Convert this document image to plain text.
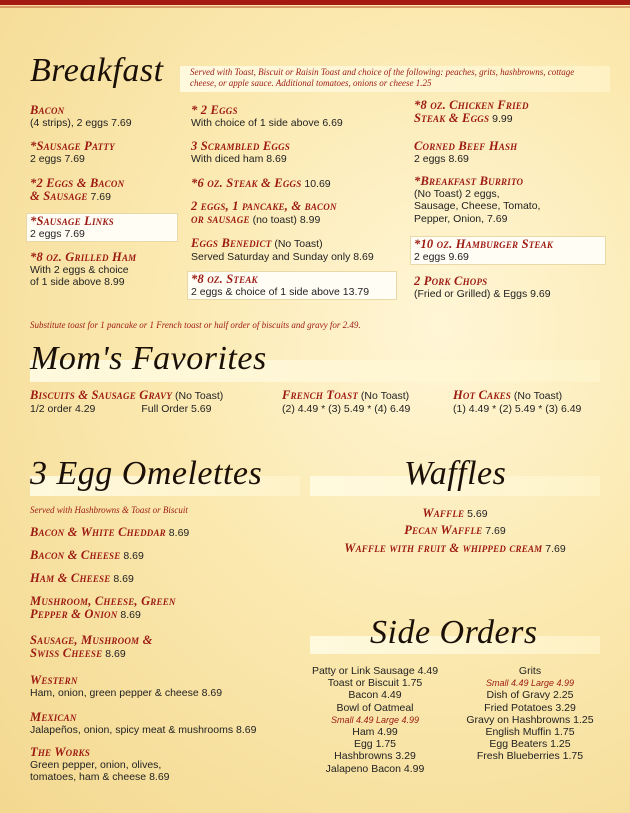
Breakfast	Served with Toast, Biscuit or Raisin Toast and choice of the following: peaches, grits, hashbrowns, cottage cheese, or apple sauce. Additional tomatoes, onions or cheese 1.25
Bacon
(4 strips), 2 eggs 7.69
*Sausage Patty
2 eggs 7.69
*2 Eggs & Bacon
& Sausage 7.69
*Sausage Links
2 eggs 7.69
*8 oz. Grilled Ham
With 2 eggs & choice
of 1 side above 8.99
* 2 Eggs
With choice of 1 side above 6.69
3 Scrambled Eggs
With diced ham 8.69
*6 oz. Steak & Eggs 10.69
2 eggs, 1 pancake, & bacon
or sausage (no toast) 8.99
Eggs Benedict (No Toast)
Served Saturday and Sunday only 8.69
*8 oz. Steak
2 eggs & choice of 1 side above 13.79
*8 oz. Chicken Fried
Steak & Eggs 9.99
Corned Beef Hash
2 eggs 8.69
*Breakfast Burrito
(No Toast) 2 eggs,
Sausage, Cheese, Tomato,
Pepper, Onion, 7.69
*10 oz. Hamburger Steak
2 eggs 9.69
2 Pork Chops
(Fried or Grilled) & Eggs 9.69
Substitute toast for 1 pancake or 1 French toast or half order of biscuits and gravy for 2.49.
Mom's Favorites
Biscuits & Sausage Gravy (No Toast)
1/2 order 4.29	Full Order 5.69
French Toast (No Toast)
(2) 4.49 * (3) 5.49 * (4) 6.49
Hot Cakes (No Toast)
(1) 4.49 * (2) 5.49 * (3) 6.49
3 Egg Omelettes
Served with Hashbrowns & Toast or Biscuit
Bacon & White Cheddar 8.69
Bacon & Cheese 8.69
Ham & Cheese 8.69
Mushroom, Cheese, Green
Pepper & Onion 8.69
Sausage, Mushroom &
Swiss Cheese 8.69
Western
Ham, onion, green pepper & cheese 8.69
Mexican
Jalapeños, onion, spicy meat & mushrooms 8.69
The Works
Green pepper, onion, olives,
tomatoes, ham & cheese 8.69
Waffles
Waffle 5.69
Pecan Waffle 7.69
Waffle with fruit & whipped cream 7.69
Side Orders
Patty or Link Sausage 4.49
Toast or Biscuit 1.75
Bacon 4.49
Bowl of Oatmeal
Small 4.49 Large 4.99
Ham 4.99
Egg 1.75
Hashbrowns 3.29
Jalapeno Bacon 4.99
Grits
Small 4.49 Large 4.99
Dish of Gravy 2.25
Fried Potatoes 3.29
Gravy on Hashbrowns 1.25
English Muffin 1.75
Egg Beaters 1.25
Fresh Blueberries 1.75
